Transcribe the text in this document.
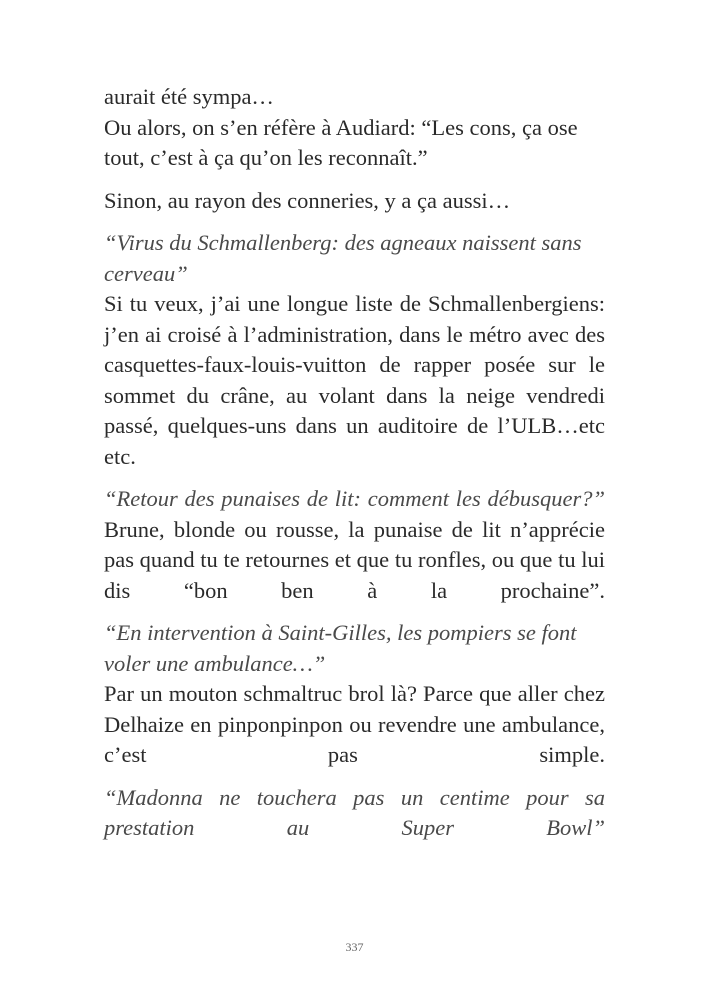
aurait été sympa…

Ou alors, on s’en réfère à Audiard: “Les cons, ça ose tout, c’est à ça qu’on les reconnaît.”

Sinon, au rayon des conneries, y a ça aussi…

“Virus du Schmallenberg: des agneaux naissent sans cerveau”

Si tu veux, j’ai une longue liste de Schmallenbergiens: j’en ai croisé à l’administration, dans le métro avec des casquettes-faux-louis-vuitton de rapper posée sur le sommet du crâne, au volant dans la neige vendredi passé, quelques-uns dans un auditoire de l’ULB…etc etc.

“Retour des punaises de lit: comment les débusquer?”

Brune, blonde ou rousse, la punaise de lit n’apprécie pas quand tu te retournes et que tu ronfles, ou que tu lui dis “bon ben à la prochaine”.

“En intervention à Saint-Gilles, les pompiers se font voler une ambulance…”

Par un mouton schmaltruc brol là? Parce que aller chez Delhaize en pinponpinpon ou revendre une ambulance, c’est pas simple.

“Madonna ne touchera pas un centime pour sa prestation au Super Bowl”

337
